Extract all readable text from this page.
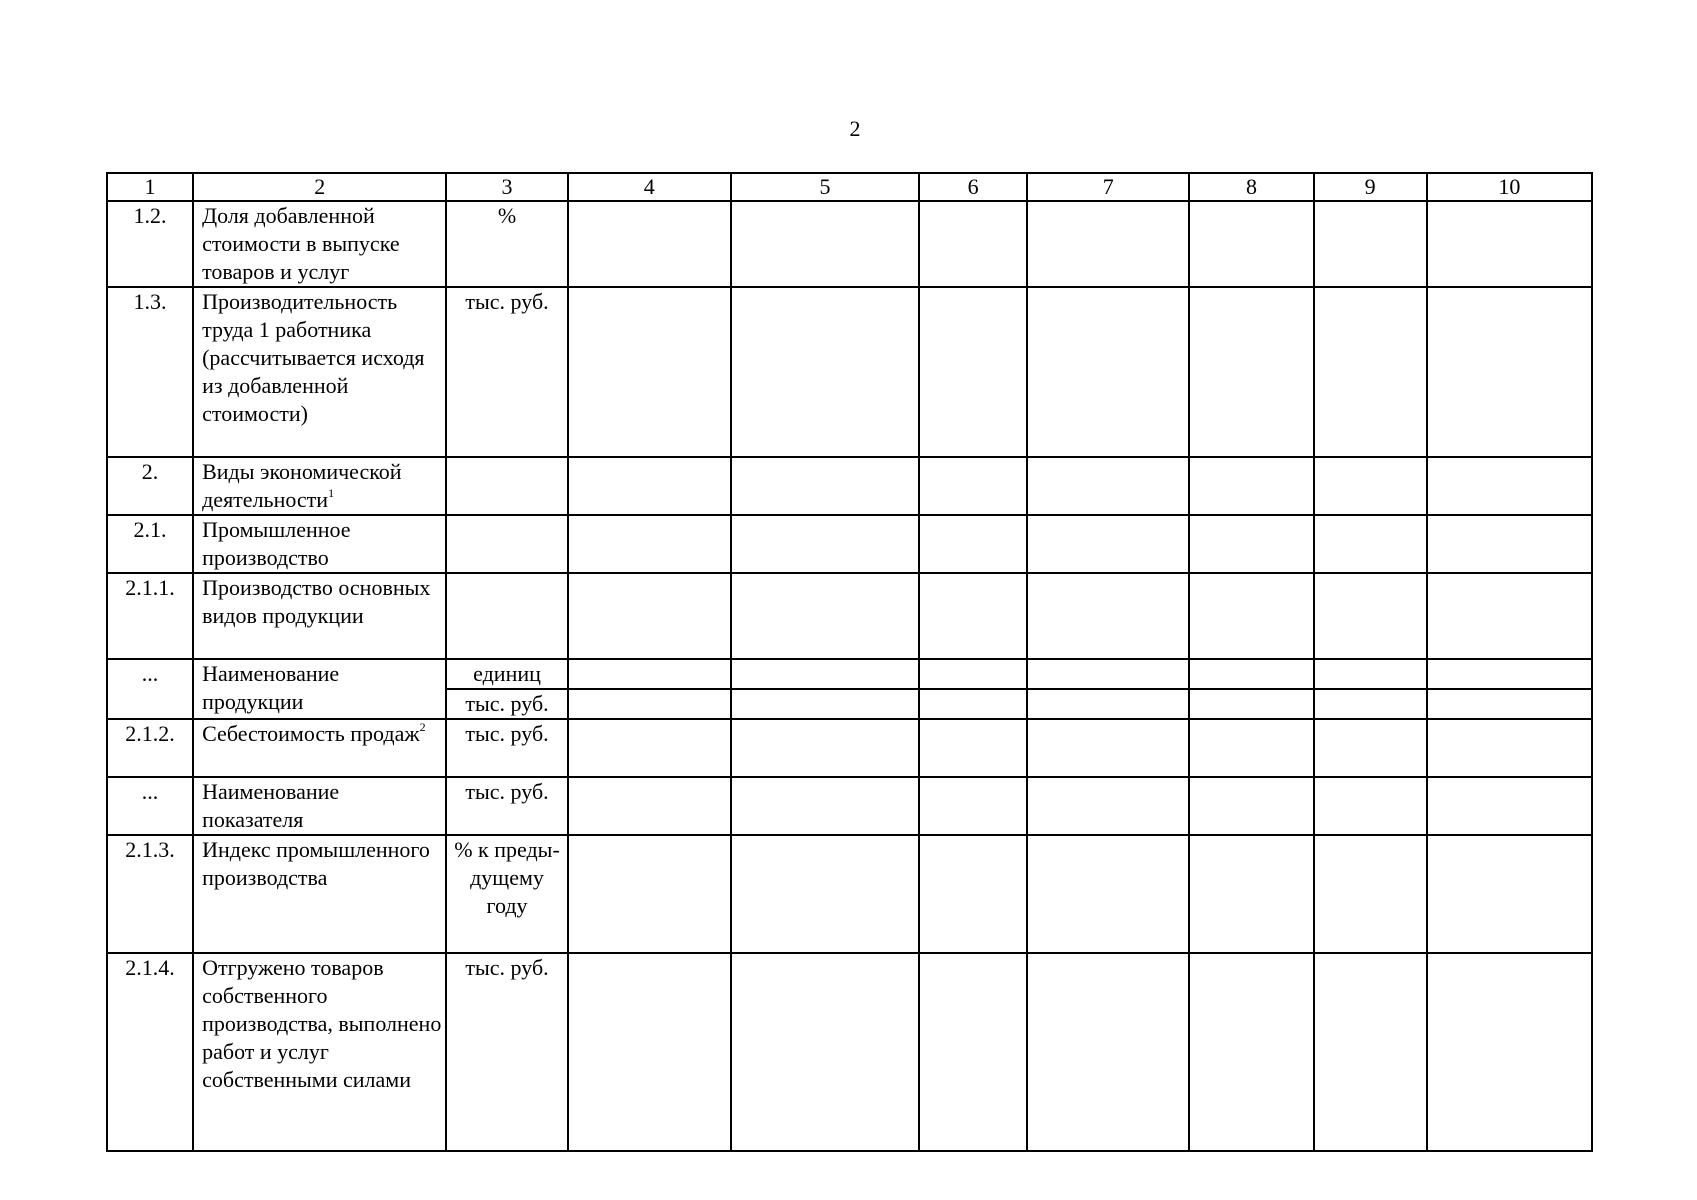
2
1	2	3	4	5	6	7	8	9	10
1.2.	Доля добавленной стоимости в выпуске товаров и услуг	%							
1.3.	Производительность труда 1 работника (рассчитывается исходя из добавленной стоимости)	тыс. руб.							
2.	Виды экономической деятельности$^1$								
2.1.	Промышленное производство								
2.1.1.	Производство основных видов продукции								
...	Наименование продукции	единиц							
		тыс. руб.							
2.1.2.	Себестоимость продаж$^2$	тыс. руб.							
...	Наименование показателя	тыс. руб.							
2.1.3.	Индекс промышленного производства	% к преды-дущему году							
2.1.4.	Отгружено товаров собственного производства, выполнено работ и услуг собственными силами	тыс. руб.							
